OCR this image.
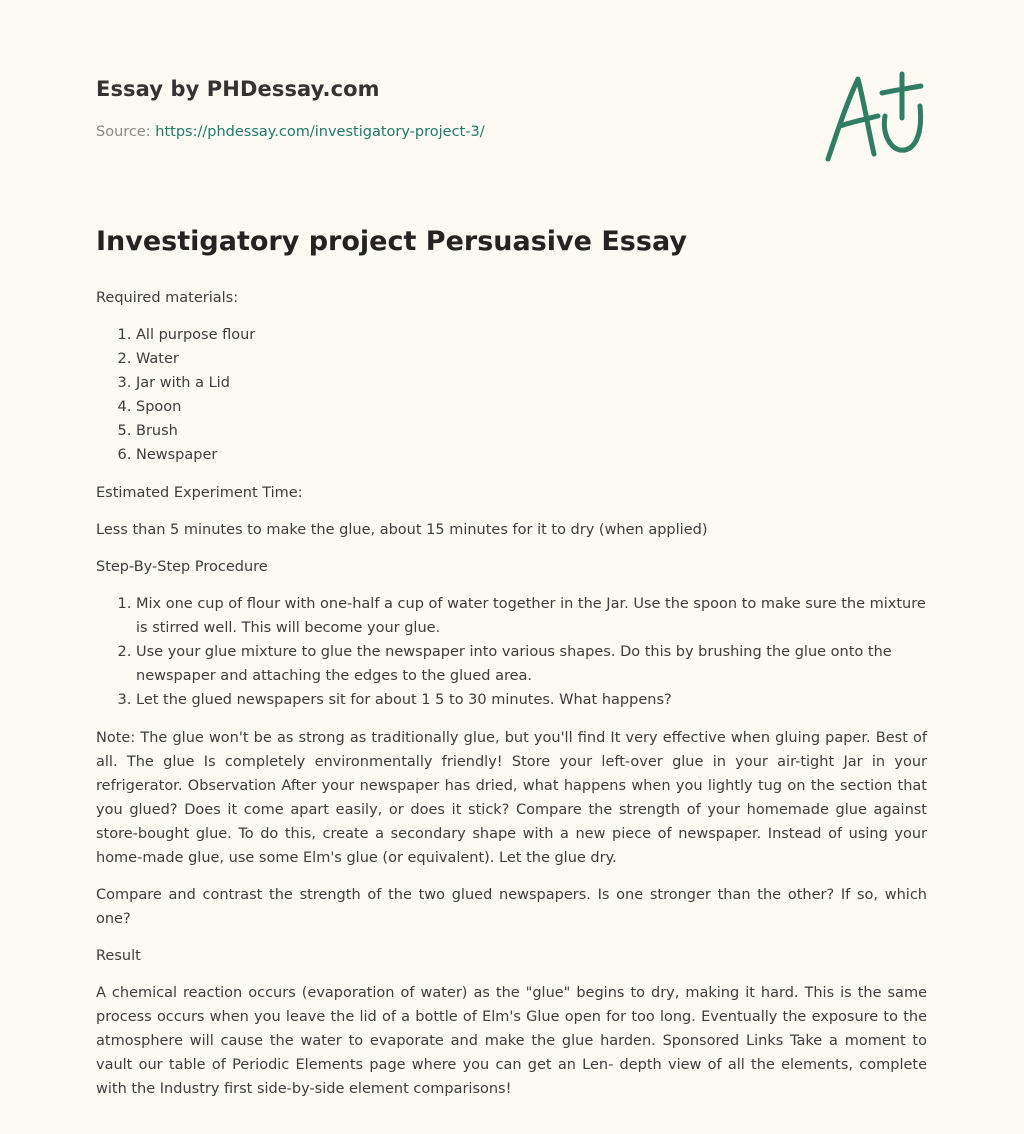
Essay by PHDessay.com
Source: https://phdessay.com/investigatory-project-3/
Investigatory project Persuasive Essay

Required materials:

1. All purpose flour
2. Water
3. Jar with a Lid
4. Spoon
5. Brush
6. Newspaper

Estimated Experiment Time:

Less than 5 minutes to make the glue, about 15 minutes for it to dry (when applied)

Step-By-Step Procedure

1. Mix one cup of flour with one-half a cup of water together in the Jar. Use the spoon to make sure the mixture is stirred well. This will become your glue.
2. Use your glue mixture to glue the newspaper into various shapes. Do this by brushing the glue onto the newspaper and attaching the edges to the glued area.
3. Let the glued newspapers sit for about 1 5 to 30 minutes. What happens?

Note: The glue won't be as strong as traditionally glue, but you'll find It very effective when gluing paper. Best of all. The glue Is completely environmentally friendly! Store your left-over glue in your air-tight Jar in your refrigerator. Observation After your newspaper has dried, what happens when you lightly tug on the section that you glued? Does it come apart easily, or does it stick? Compare the strength of your homemade glue against store-bought glue. To do this, create a secondary shape with a new piece of newspaper. Instead of using your home-made glue, use some Elm's glue (or equivalent). Let the glue dry.

Compare and contrast the strength of the two glued newspapers. Is one stronger than the other? If so, which one?

Result

A chemical reaction occurs (evaporation of water) as the "glue" begins to dry, making it hard. This is the same process occurs when you leave the lid of a bottle of Elm's Glue open for too long. Eventually the exposure to the atmosphere will cause the water to evaporate and make the glue harden. Sponsored Links Take a moment to vault our table of Periodic Elements page where you can get an Len- depth view of all the elements, complete with the Industry first side-by-side element comparisons!
